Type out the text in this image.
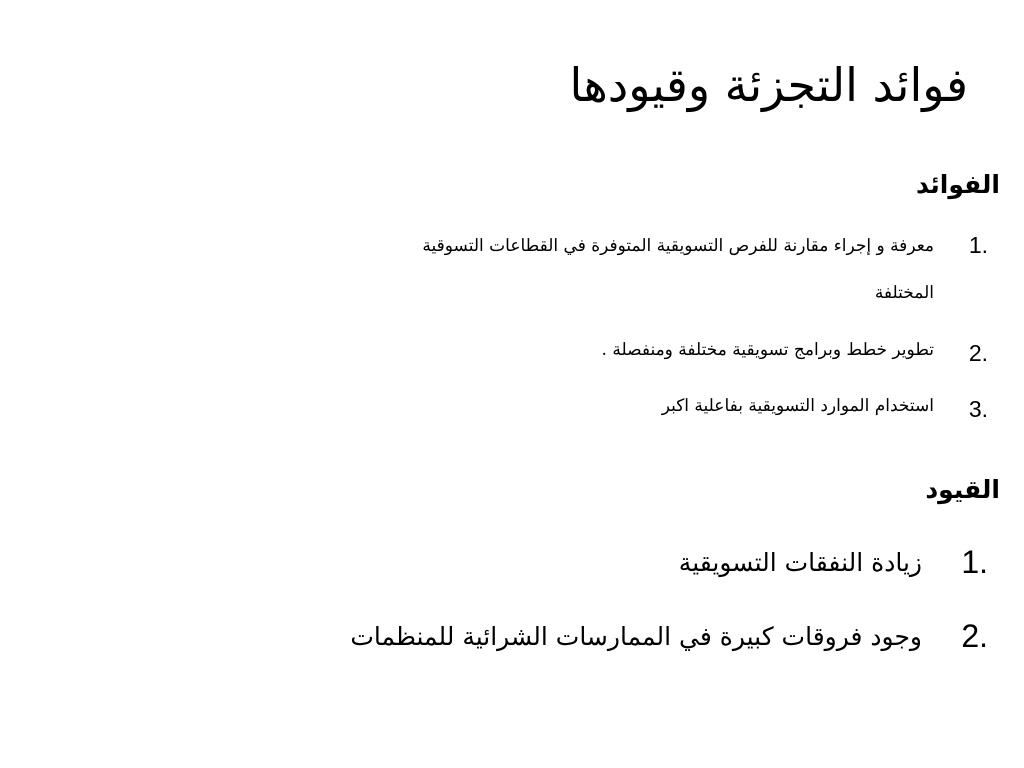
فوائد التجزئة وقيودها
الفوائد
1.
معرفة و إجراء مقارنة للفرص التسويقية المتوفرة في القطاعات التسوقية المختلفة
2.
تطوير خطط وبرامج تسويقية مختلفة ومنفصلة .
3.
استخدام الموارد التسويقية بفاعلية اكبر
القيود
1.
زيادة النفقات التسويقية
2.
وجود فروقات كبيرة في الممارسات الشرائية للمنظمات
